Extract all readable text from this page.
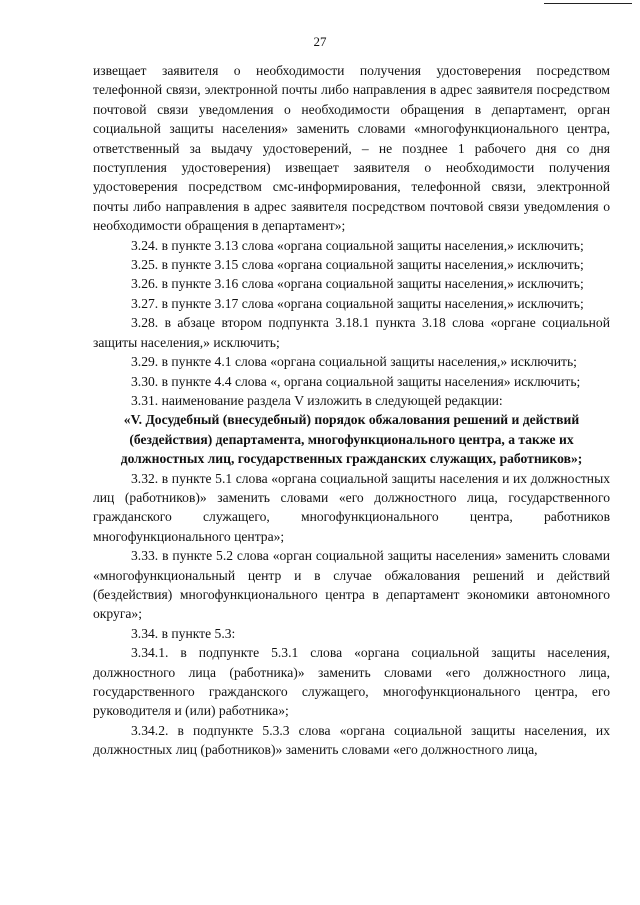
27

извещает заявителя о необходимости получения удостоверения посредством телефонной связи, электронной почты либо направления в адрес заявителя посредством почтовой связи уведомления о необходимости обращения в департамент, орган социальной защиты населения» заменить словами «многофункционального центра, ответственный за выдачу удостоверений, – не позднее 1 рабочего дня со дня поступления удостоверения) извещает заявителя о необходимости получения удостоверения посредством смс-информирования, телефонной связи, электронной почты либо направления в адрес заявителя посредством почтовой связи уведомления о необходимости обращения в департамент»;

3.24. в пункте 3.13 слова «органа социальной защиты населения,» исключить;

3.25. в пункте 3.15 слова «органа социальной защиты населения,» исключить;

3.26. в пункте 3.16 слова «органа социальной защиты населения,» исключить;

3.27. в пункте 3.17 слова «органа социальной защиты населения,» исключить;

3.28. в абзаце втором подпункта 3.18.1 пункта 3.18 слова «органе социальной защиты населения,» исключить;

3.29. в пункте 4.1 слова «органа социальной защиты населения,» исключить;

3.30. в пункте 4.4 слова «, органа социальной защиты населения» исключить;

3.31. наименование раздела V изложить в следующей редакции:

«V. Досудебный (внесудебный) порядок обжалования решений и действий (бездействия) департамента, многофункционального центра, а также их должностных лиц, государственных гражданских служащих, работников»;

3.32. в пункте 5.1 слова «органа социальной защиты населения и их должностных лиц (работников)» заменить словами «его должностного лица, государственного гражданского служащего, многофункционального центра, работников многофункционального центра»;

3.33. в пункте 5.2 слова «орган социальной защиты населения» заменить словами «многофункциональный центр и в случае обжалования решений и действий (бездействия) многофункционального центра в департамент экономики автономного округа»;

3.34. в пункте 5.3:

3.34.1. в подпункте 5.3.1 слова «органа социальной защиты населения, должностного лица (работника)» заменить словами «его должностного лица, государственного гражданского служащего, многофункционального центра, его руководителя и (или) работника»;

3.34.2. в подпункте 5.3.3 слова «органа социальной защиты населения, их должностных лиц (работников)» заменить словами «его должностного лица,
